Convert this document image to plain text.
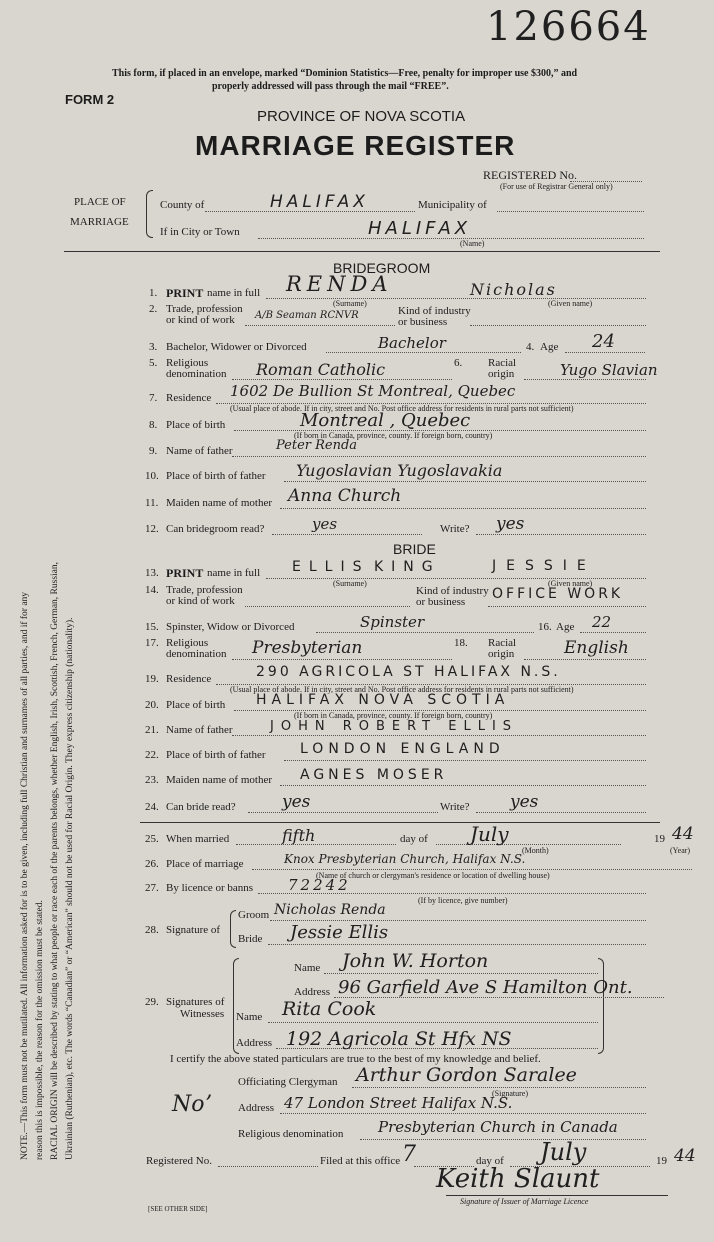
126664
This form, if placed in an envelope, marked “Dominion Statistics—Free, penalty for improper use $300,” and
properly addressed will pass through the mail “FREE”.
FORM 2
PROVINCE OF NOVA SCOTIA
MARRIAGE REGISTER
REGISTERED No.
(For use of Registrar General only)
PLACE OF
MARRIAGE
County of	HALIFAX	Municipality of
If in City or Town	HALIFAX
(Name)
BRIDEGROOM
1. PRINT name in full RENDA	Nicholas
(Surname)	(Given name)
2. Trade, profession
or kind of work A/B Seaman RCNVR	Kind of industry
or business
3. Bachelor, Widower or Divorced	Bachelor	4. Age 24
5. Religious
denomination Roman Catholic	6. Racial
origin	Yugo Slavian
7. Residence 1602 De Bullion St Montreal, Quebec
(Usual place of abode. If in city, street and No. Post office address for residents in rural parts not sufficient)
8. Place of birth	Montreal , Quebec
(If born in Canada, province, county. If foreign born, country)
9. Name of father	Peter Renda
10. Place of birth of father Yugoslavian Yugoslavakia
11. Maiden name of mother Anna Church
12. Can bridegroom read?	yes	Write? yes
BRIDE
13. PRINT name in full ELLIS KING	JESSIE
(Surname)	(Given name)
14. Trade, profession
or kind of work
Kind of industry
or business OFFICE WORK
15. Spinster, Widow or Divorced	Spinster	16. Age 22
17. Religious
denomination Presbyterian	18. Racial
origin	English
19. Residence	290 AGRICOLA ST HALIFAX N.S.
(Usual place of abode. If in city, street and No. Post office address for residents in rural parts not sufficient)
20. Place of birth HALIFAX NOVA SCOTIA
(If born in Canada, province, county. If foreign born, country)
21. Name of father	JOHN ROBERT ELLIS
22. Place of birth of father LONDON ENGLAND
23. Maiden name of mother AGNES MOSER
24. Can bride read?	yes	Write? yes
25. When married	fifth	day of July	19 44
(Month)	(Year)
26. Place of marriage	Knox Presbyterian Church, Halifax N.S.
(Name of church or clergyman's residence or location of dwelling house)
27. By licence or banns 72242
(If by licence, give number)
28. Signature of
Groom Nicholas Renda
Bride Jessie Ellis
29. Signatures of
Witnesses
Name John W. Horton
Address 96 Garfield Ave S Hamilton Ont.
Name Rita Cook
Address 192 Agricola St Hfx NS
I certify the above stated particulars are true to the best of my knowledge and belief.
Officiating Clergyman Arthur Gordon Saralee
(Signature)
Noʼ Address 47 London Street Halifax N.S.
Religious denomination Presbyterian Church in Canada
Registered No.	Filed at this office 7	day of July	19 44
Keith Slaunt
Signature of Issuer of Marriage Licence
[SEE OTHER SIDE]
NOTE.—This form must not be mutilated. All information asked for is to be given, including full Christian and surnames of all parties, and if for any reason this is impossible, the reason for the omission must be stated. RACIAL ORIGIN will be described by stating to what people or race each of the parents belongs, whether English, Irish, Scottish, French, German, Russian, Ukrainian (Ruthenian), etc. The words “Canadian” or “American” should not be used for Racial Origin. They express citizenship (nationality).
